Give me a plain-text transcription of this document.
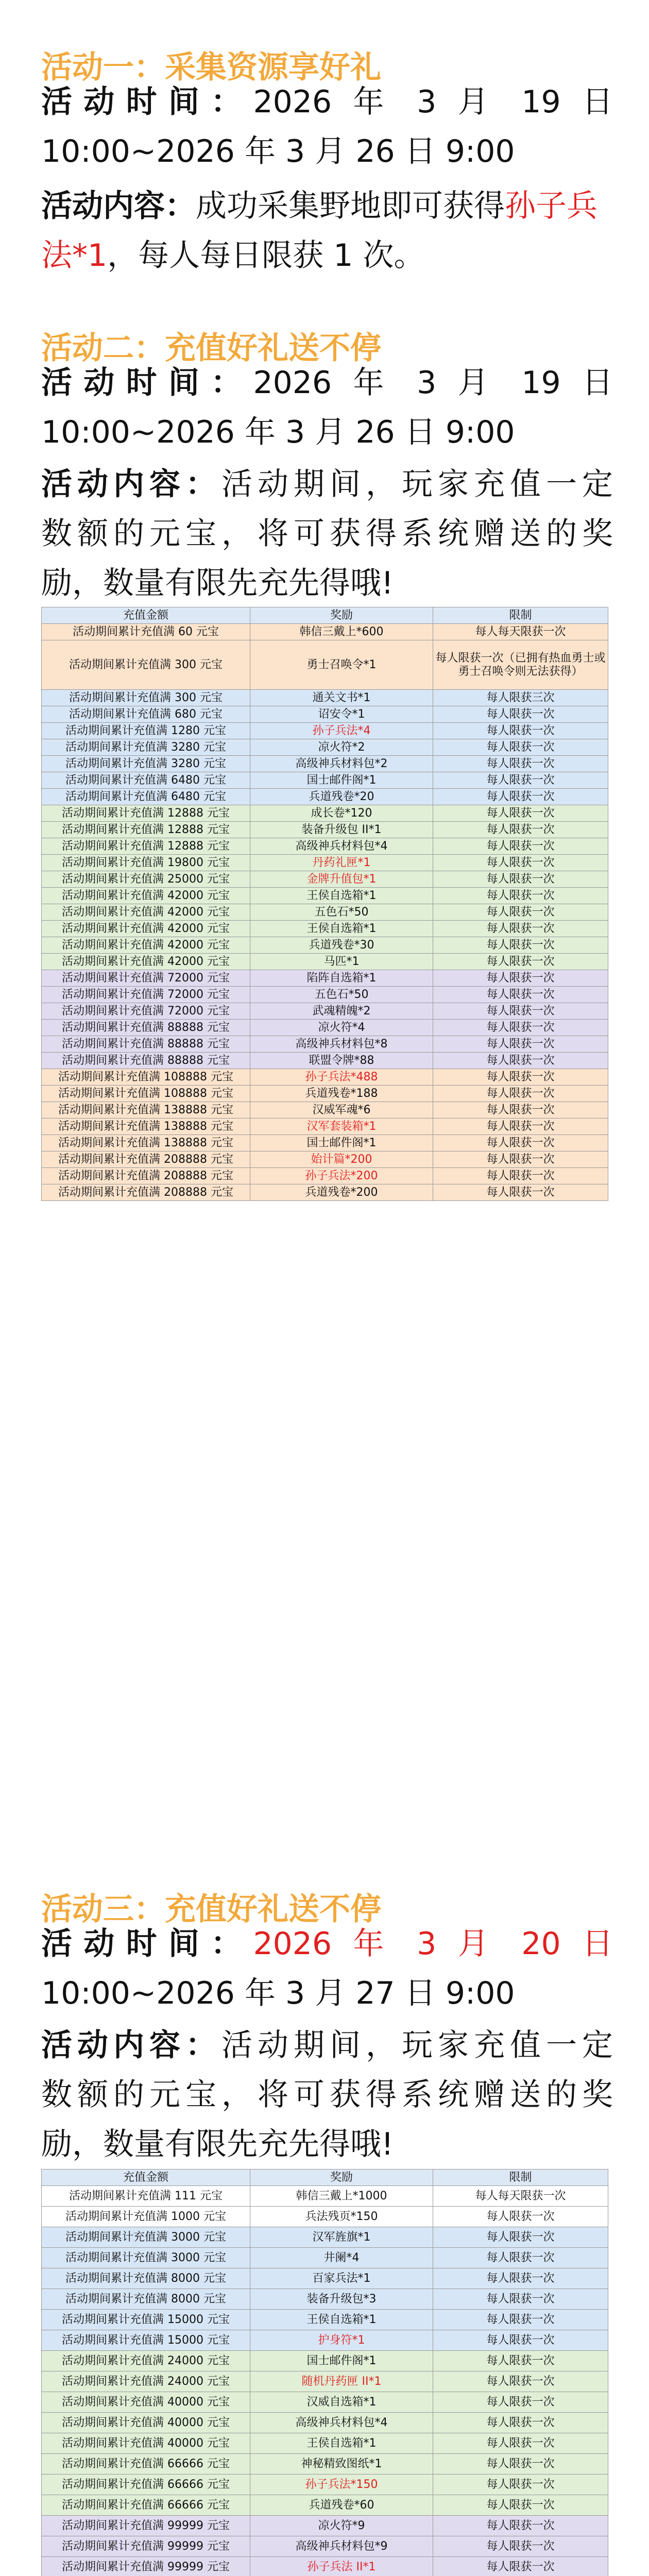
活动一：采集资源享好礼
活动时间：2026 年 3 月 19 日
10:00~2026 年 3 月 26 日 9:00
活动内容：成功采集野地即可获得孙子兵法*1，每人每日限获 1 次。
活动二：充值好礼送不停
活动时间：2026 年 3 月 19 日
10:00~2026 年 3 月 26 日 9:00
活动内容：活动期间，玩家充值一定
数额的元宝，将可获得系统赠送的奖
励，数量有限先充先得哦!
充值金额	奖励	限制
活动期间累计充值满 60 元宝	韩信三戴上*600	每人每天限获一次
活动期间累计充值满 300 元宝	勇士召唤令*1	每人限获一次（已拥有热血勇士或勇士召唤令则无法获得）
活动期间累计充值满 300 元宝	通关文书*1	每人限获三次
活动期间累计充值满 680 元宝	诏安令*1	每人限获一次
活动期间累计充值满 1280 元宝	孙子兵法*4	每人限获一次
活动期间累计充值满 3280 元宝	凉火符*2	每人限获一次
活动期间累计充值满 3280 元宝	高级神兵材料包*2	每人限获一次
活动期间累计充值满 6480 元宝	国士邮件阁*1	每人限获一次
活动期间累计充值满 6480 元宝	兵道残卷*20	每人限获一次
活动期间累计充值满 12888 元宝	成长卷*120	每人限获一次
活动期间累计充值满 12888 元宝	装备升级包 II*1	每人限获一次
活动期间累计充值满 12888 元宝	高级神兵材料包*4	每人限获一次
活动期间累计充值满 19800 元宝	丹药礼匣*1	每人限获一次
活动期间累计充值满 25000 元宝	金牌升值包*1	每人限获一次
活动期间累计充值满 42000 元宝	王侯自选箱*1	每人限获一次
活动期间累计充值满 42000 元宝	五色石*50	每人限获一次
活动期间累计充值满 42000 元宝	王侯自选箱*1	每人限获一次
活动期间累计充值满 42000 元宝	兵道残卷*30	每人限获一次
活动期间累计充值满 42000 元宝	马匹*1	每人限获一次
活动期间累计充值满 72000 元宝	陷阵自选箱*1	每人限获一次
活动期间累计充值满 72000 元宝	五色石*50	每人限获一次
活动期间累计充值满 72000 元宝	武魂精魄*2	每人限获一次
活动期间累计充值满 88888 元宝	凉火符*4	每人限获一次
活动期间累计充值满 88888 元宝	高级神兵材料包*8	每人限获一次
活动期间累计充值满 88888 元宝	联盟令牌*88	每人限获一次
活动期间累计充值满 108888 元宝	孙子兵法*488	每人限获一次
活动期间累计充值满 108888 元宝	兵道残卷*188	每人限获一次
活动期间累计充值满 138888 元宝	汉威军魂*6	每人限获一次
活动期间累计充值满 138888 元宝	汉军套装箱*1	每人限获一次
活动期间累计充值满 138888 元宝	国士邮件阁*1	每人限获一次
活动期间累计充值满 208888 元宝	始计篇*200	每人限获一次
活动期间累计充值满 208888 元宝	孙子兵法*200	每人限获一次
活动期间累计充值满 208888 元宝	兵道残卷*200	每人限获一次
活动三：充值好礼送不停
活动时间：2026 年 3 月 20 日
10:00~2026 年 3 月 27 日 9:00
活动内容：活动期间，玩家充值一定
数额的元宝，将可获得系统赠送的奖
励，数量有限先充先得哦!
充值金额	奖励	限制
活动期间累计充值满 111 元宝	韩信三戴上*1000	每人每天限获一次
活动期间累计充值满 1000 元宝	兵法残页*150	每人限获一次
活动期间累计充值满 3000 元宝	汉军旌旗*1	每人限获一次
活动期间累计充值满 3000 元宝	井阑*4	每人限获一次
活动期间累计充值满 8000 元宝	百家兵法*1	每人限获一次
活动期间累计充值满 8000 元宝	装备升级包*3	每人限获一次
活动期间累计充值满 15000 元宝	王侯自选箱*1	每人限获一次
活动期间累计充值满 15000 元宝	护身符*1	每人限获一次
活动期间累计充值满 24000 元宝	国士邮件阁*1	每人限获一次
活动期间累计充值满 24000 元宝	随机丹药匣 II*1	每人限获一次
活动期间累计充值满 40000 元宝	汉威自选箱*1	每人限获一次
活动期间累计充值满 40000 元宝	高级神兵材料包*4	每人限获一次
活动期间累计充值满 40000 元宝	王侯自选箱*1	每人限获一次
活动期间累计充值满 66666 元宝	神秘精致图纸*1	每人限获一次
活动期间累计充值满 66666 元宝	孙子兵法*150	每人限获一次
活动期间累计充值满 66666 元宝	兵道残卷*60	每人限获一次
活动期间累计充值满 99999 元宝	凉火符*9	每人限获一次
活动期间累计充值满 99999 元宝	高级神兵材料包*9	每人限获一次
活动期间累计充值满 99999 元宝	孙子兵法 II*1	每人限获一次
